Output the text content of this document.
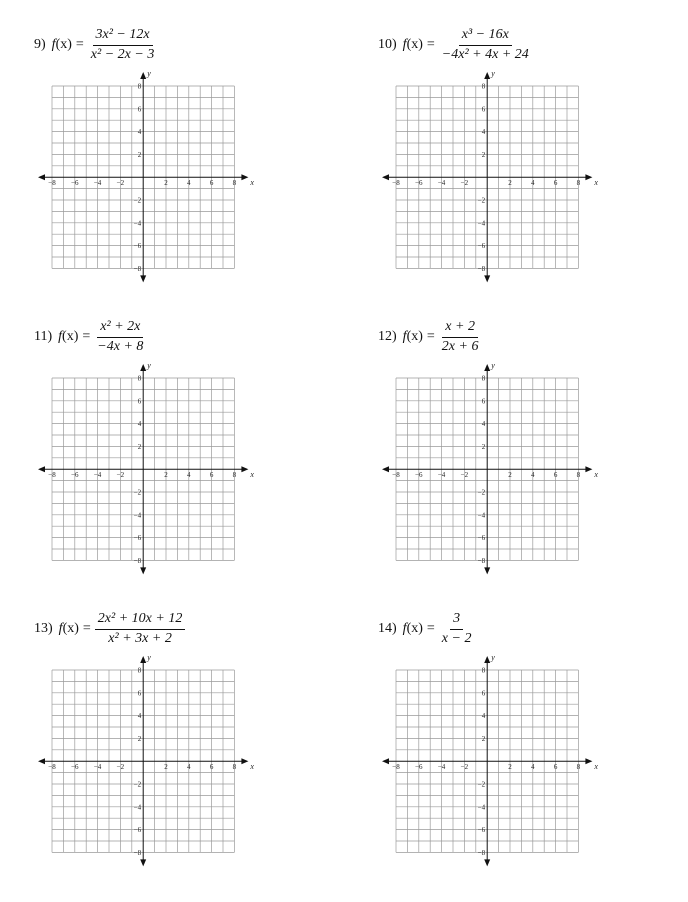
9) $f(x) = \frac{\text{3x² − 12x}}{\text{x² − 2x − 3}}$
x
y
−8 −6 −4 −2	2	4	6	8
8
6
4
2
−2
−4
−6
−8
10) $f(x) = \frac{\text{x³ − 16x}}{\text{−4x² + 4x + 24}}$
x
y
−8 −6 −4 −2	2	4	6	8
8
6
4
2
−2
−4
−6
−8
11) $f(x) = \frac{\text{x² + 2x}}{-4x + 8}$
x
y
−8 −6 −4 −2	2	4	6	8
8
6
4
2
−2
−4
−6
−8
12) $f(x) = \frac{x + 2}{2x + 6}$
x
y
−8 −6 −4 −2	2	4	6	8
8
6
4
2
−2
−4
−6
−8
13) $f(x) = \frac{\text{2x² + 10x + 12}}{\text{x² + 3x + 2}}$
x
y
−8 −6 −4 −2	2	4	6	8
8
6
4
2
−2
−4
−6
−8
14) $f(x) = \frac{3}{x - 2}$
x
y
−8 −6 −4 −2	2	4	6	8
8
6
4
2
−2
−4
−6
−8
